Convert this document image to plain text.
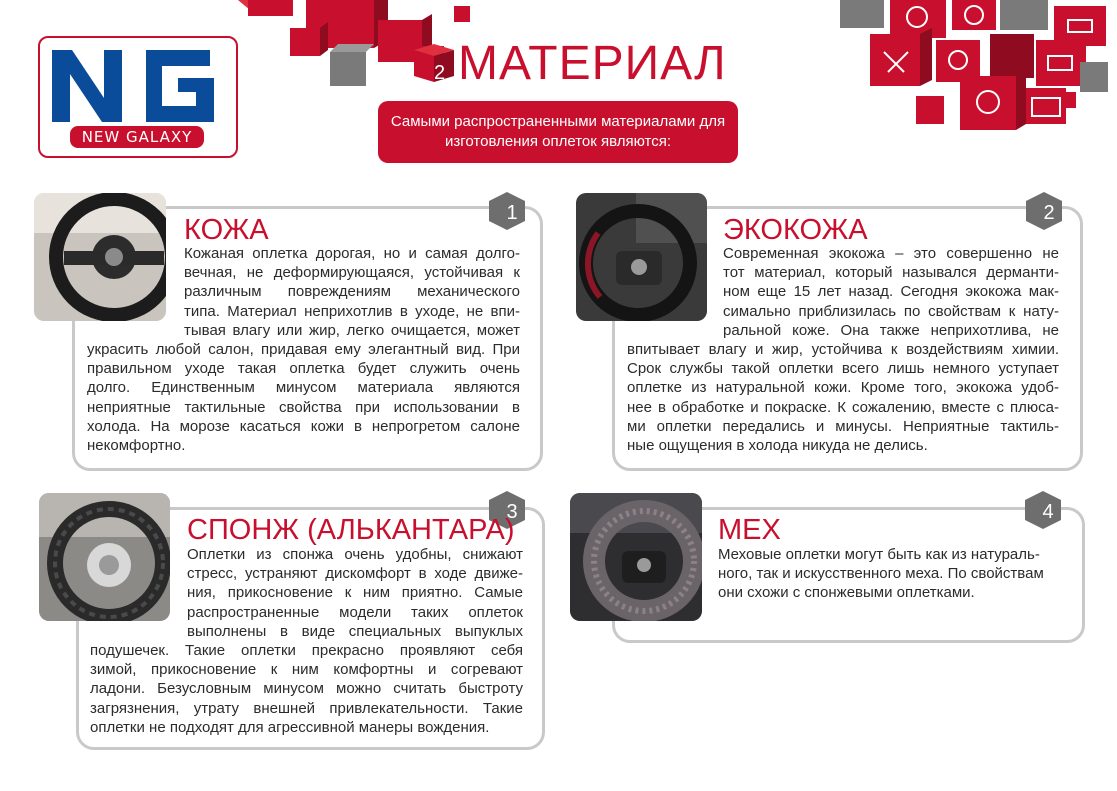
NEW GALAXY
2 МАТЕРИАЛ
Самыми распространенными материалами для изготовления оплеток являются:
1
КОЖА
Кожаная оплетка дорогая, но и самая долго-
вечная, не деформирующаяся, устойчивая к
различным повреждениям механического
типа. Материал неприхотлив в уходе, не впи-
тывая влагу или жир, легко очищается, может
украсить любой салон, придавая ему элегантный вид. При
правильном уходе такая оплетка будет служить очень
долго. Единственным минусом материала являются
неприятные тактильные свойства при использовании в
холода. На морозе касаться кожи в непрогретом салоне
некомфортно.
2
ЭКОКОЖА
Современная экокожа – это совершенно не
тот материал, который назывался дерманти-
ном еще 15 лет назад. Сегодня экокожа мак-
симально приблизилась по свойствам к нату-
ральной коже. Она также неприхотлива, не
впитывает влагу и жир, устойчива к воздействиям химии.
Срок службы такой оплетки всего лишь немного уступает
оплетке из натуральной кожи. Кроме того, экокожа удоб-
нее в обработке и покраске. К сожалению, вместе с плюса-
ми оплетки передались и минусы. Неприятные тактиль-
ные ощущения в холода никуда не делись.
3
СПОНЖ (АЛЬКАНТАРА)
Оплетки из спонжа очень удобны, снижают
стресс, устраняют дискомфорт в ходе движе-
ния, прикосновение к ним приятно. Самые
распространенные модели таких оплеток
выполнены в виде специальных выпуклых
подушечек. Такие оплетки прекрасно проявляют себя
зимой, прикосновение к ним комфортны и согревают
ладони. Безусловным минусом можно считать быстроту
загрязнения, утрату внешней привлекательности. Такие
оплетки не подходят для агрессивной манеры вождения.
4
МЕХ
Меховые оплетки могут быть как из натураль-
ного, так и искусственного меха. По свойствам
они схожи с спонжевыми оплетками.
